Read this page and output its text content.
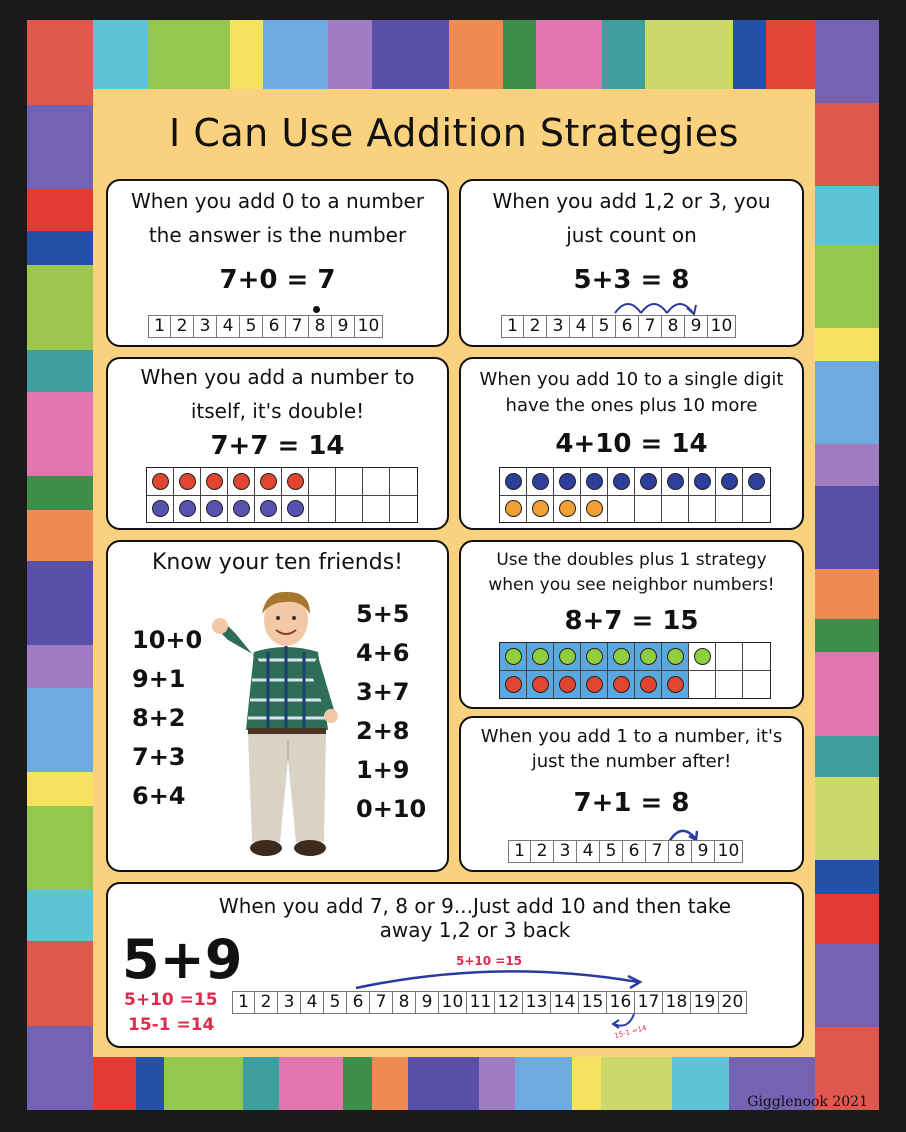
I Can Use Addition Strategies
When you add 0 to a number
the answer is the number
7+0 = 7
1 2 3 4 5 6 7 8 9 10
When you add 1,2 or 3, you
just count on
5+3 = 8
1 2 3 4 5 6 7 8 9 10
When you add a number to
itself, it's double!
7+7 = 14
When you add 10 to a single digit
have the ones plus 10 more
4+10 = 14
Know your ten friends!
10+0
9+1
8+2
7+3
6+4
5+5
4+6
3+7
2+8
1+9
0+10
Use the doubles plus 1 strategy
when you see neighbor numbers!
8+7 = 15
When you add 1 to a number, it's
just the number after!
7+1 = 8
1 2 3 4 5 6 7 8 9 10
When you add 7, 8 or 9...Just add 10 and then take
away 1,2 or 3 back
5+9
5+10 =15
15-1 =14
5+10 =15
1 2 3 4 5 6 7 8 9 10 11 12 13 14 15 16 17 18 19 20
15-1 =14
Gigglenook 2021
